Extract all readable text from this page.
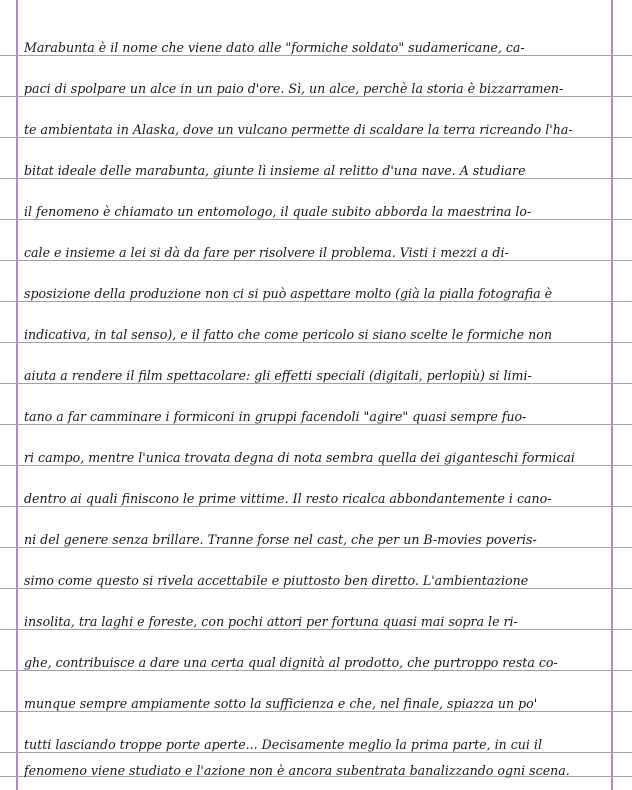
Marabunta è il nome che viene dato alle "formiche soldato" sudamericane, ca-
paci di spolpare un alce in un paio d'ore. Sì, un alce, perchè la storia è bizzarramen-
te ambientata in Alaska, dove un vulcano permette di scaldare la terra ricreando l'ha-
bitat ideale delle marabunta, giunte lì insieme al relitto d'una nave. A studiare
il fenomeno è chiamato un entomologo, il quale subito abborda la maestrina lo-
cale e insieme a lei si dà da fare per risolvere il problema. Visti i mezzi a di-
sposizione della produzione non ci si può aspettare molto (già la pialla fotografia è
indicativa, in tal senso), e il fatto che come pericolo si siano scelte le formiche non
aiuta a rendere il film spettacolare: gli effetti speciali (digitali, perlopiù) si limi-
tano a far camminare i formiconi in gruppi facendoli "agire" quasi sempre fuo-
ri campo, mentre l'unica trovata degna di nota sembra quella dei giganteschi formicai
dentro ai quali finiscono le prime vittime. Il resto ricalca abbondantemente i cano-
ni del genere senza brillare. Tranne forse nel cast, che per un B-movies poveris-
simo come questo si rivela accettabile e piuttosto ben diretto. L'ambientazione
insolita, tra laghi e foreste, con pochi attori per fortuna quasi mai sopra le ri-
ghe, contribuisce a dare una certa qual dignità al prodotto, che purtroppo resta co-
munque sempre ampiamente sotto la sufficienza e che, nel finale, spiazza un po'
tutti lasciando troppe porte aperte... Decisamente meglio la prima parte, in cui il
fenomeno viene studiato e l'azione non è ancora subentrata banalizzando ogni scena.
